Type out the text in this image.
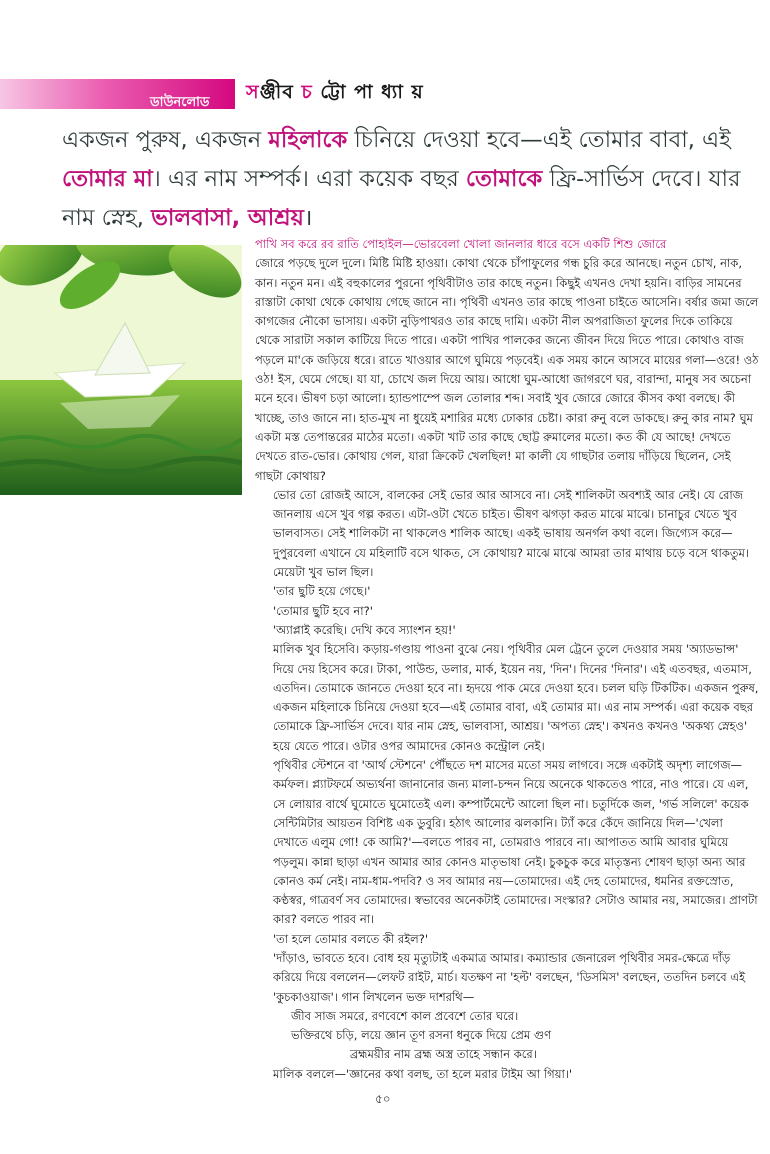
ডাউনলোড সঞ্জীব চ ট্টো পা ধ্যা য়
একজন পুরুষ, একজন মহিলাকে চিনিয়ে দেওয়া হবে—এই তোমার বাবা, এই তোমার মা। এর নাম সম্পর্ক। এরা কয়েক বছর তোমাকে ফ্রি-সার্ভিস দেবে। যার নাম স্নেহ, ভালবাসা, আশ্রয়।

পাখি সব করে রব রাতি পোহাইল—ভোরবেলা খোলা জানলার ধারে বসে একটি শিশু জোরে

জোরে পড়ছে দুলে দুলে। মিষ্টি মিষ্টি হাওয়া। কোথা থেকে চাঁপাফুলের গন্ধ চুরি করে আনছে। নতুন চোখ, নাক, কান। নতুন মন। এই বহুকালের পুরনো পৃথিবীটাও তার কাছে নতুন। কিছুই এখনও দেখা হয়নি। বাড়ির সামনের রাস্তাটা কোথা থেকে কোথায় গেছে জানে না। পৃথিবী এখনও তার কাছে পাওনা চাইতে আসেনি। বর্ষার জমা জলে কাগজের নৌকো ভাসায়। একটা নুড়িপাথরও তার কাছে দামি। একটা নীল অপরাজিতা ফুলের দিকে তাকিয়ে থেকে সারাটা সকাল কাটিয়ে দিতে পারে। একটা পাখির পালকের জন্যে জীবন দিয়ে দিতে পারে। কোথাও বাজ পড়লে মা'কে জড়িয়ে ধরে। রাতে খাওয়ার আগে ঘুমিয়ে পড়বেই। এক সময় কানে আসবে মায়ের গলা—ওরে! ওঠ ওঠ! ইস, ঘেমে গেছে। যা যা, চোখে জল দিয়ে আয়। আধো ঘুম-আধো জাগরণে ঘর, বারান্দা, মানুষ সব অচেনা মনে হবে। ভীষণ চড়া আলো। হ্যান্ডপাম্পে জল তোলার শব্দ। সবাই খুব জোরে জোরে কীসব কথা বলছে। কী খাচ্ছে, তাও জানে না। হাত-মুখ না ধুয়েই মশারির মধ্যে ঢোকার চেষ্টা। কারা রুনু বলে ডাকছে। রুনু কার নাম? ঘুম একটা মস্ত তেপান্তরের মাঠের মতো। একটা খাট তার কাছে ছোট্ট রুমালের মতো। কত কী যে আছে! দেখতে দেখতে রাত-ভোর। কোথায় গেল, যারা ক্রিকেট খেলছিল! মা কালী যে গাছটার তলায় দাঁড়িয়ে ছিলেন, সেই গাছটা কোথায়?

ভোর তো রোজই আসে, বালকের সেই ভোর আর আসবে না। সেই শালিকটা অবশ্যই আর নেই। যে রোজ জানলায় এসে খুব গল্প করত। এটা-ওটা খেতে চাইত। ভীষণ ঝগড়া করত মাঝে মাঝে। চানাচুর খেতে খুব ভালবাসত। সেই শালিকটা না থাকলেও শালিক আছে। একই ভাষায় অনর্গল কথা বলে। জিগ্যেস করে—দুপুরবেলা এখানে যে মহিলাটি বসে থাকত, সে কোথায়? মাঝে মাঝে আমরা তার মাথায় চড়ে বসে থাকতুম। মেয়েটা খুব ভাল ছিল।

'তার ছুটি হয়ে গেছে।'

'তোমার ছুটি হবে না?'

'অ্যাপ্লাই করেছি। দেখি কবে স্যাংশন হয়!'

মালিক খুব হিসেবি। কড়ায়-গণ্ডায় পাওনা বুঝে নেয়। পৃথিবীর মেল ট্রেনে তুলে দেওয়ার সময় 'অ্যাডভান্স' দিয়ে দেয় হিসেব করে। টাকা, পাউন্ড, ডলার, মার্ক, ইয়েন নয়, 'দিন'। দিনের 'দিনার'। এই এতবছর, এতমাস, এতদিন। তোমাকে জানতে দেওয়া হবে না। হৃদয়ে পাক মেরে দেওয়া হবে। চলল ঘড়ি টিকটিক। একজন পুরুষ, একজন মহিলাকে চিনিয়ে দেওয়া হবে—এই তোমার বাবা, এই তোমার মা। এর নাম সম্পর্ক। এরা কয়েক বছর তোমাকে ফ্রি-সার্ভিস দেবে। যার নাম স্নেহ, ভালবাসা, আশ্রয়। 'অপত্য স্নেহ'। কখনও কখনও 'অকথ্য স্নেহও' হয়ে যেতে পারে। ওটার ওপর আমাদের কোনও কন্ট্রোল নেই।

পৃথিবীর স্টেশনে বা 'আর্থ স্টেশনে' পৌঁছতে দশ মাসের মতো সময় লাগবে। সঙ্গে একটাই অদৃশ্য লাগেজ—কর্মফল। প্ল্যাটফর্মে অভ্যর্থনা জানানোর জন্য মালা-চন্দন নিয়ে অনেকে থাকতেও পারে, নাও পারে। যে এল, সে লোয়ার বার্থে ঘুমোতে ঘুমোতেই এল। কম্পার্টমেন্টে আলো ছিল না। চতুর্দিকে জল, 'গর্ভ সলিলে' কয়েক সেন্টিমিটার আয়তন বিশিষ্ট এক ডুবুরি। হঠাৎ আলোর ঝলকানি। ট্যাঁ করে কেঁদে জানিয়ে দিল—'খেলা দেখাতে এলুম গো! কে আমি?'—বলতে পারব না, তোমরাও পারবে না। আপাতত আমি আবার ঘুমিয়ে পড়লুম। কান্না ছাড়া এখন আমার আর কোনও মাতৃভাষা নেই। চুকচুক করে মাতৃস্তন্য শোষণ ছাড়া অন্য আর কোনও কর্ম নেই। নাম-ধাম-পদবি? ও সব আমার নয়—তোমাদের। এই দেহ তোমাদের, ধমনির রক্তস্রোত, কণ্ঠস্বর, গাত্রবর্ণ সব তোমাদের। স্বভাবের অনেকটাই তোমাদের। সংস্কার? সেটাও আমার নয়, সমাজের। প্রাণটা কার? বলতে পারব না।

'তা হলে তোমার বলতে কী রইল?'

'দাঁড়াও, ভাবতে হবে। বোধ হয় মৃত্যুটাই একমাত্র আমার। কম্যান্ডার জেনারেল পৃথিবীর সমর-ক্ষেত্রে দাঁড় করিয়ে দিয়ে বললেন—লেফট রাইট, মার্চ। যতক্ষণ না 'হল্ট' বলছেন, 'ডিসমিস' বলছেন, ততদিন চলবে এই 'কুচকাওয়াজ'। গান লিখলেন ভক্ত দাশরথি—

জীব সাজ সমরে, রণবেশে কাল প্রবেশে তোর ঘরে।

ভক্তিরথে চড়ি, লয়ে জ্ঞান তূণ রসনা ধনুকে দিয়ে প্রেম গুণ

ব্রহ্মময়ীর নাম ব্রহ্ম অস্ত্র তাহে সন্ধান করে।

মালিক বললে—'জ্ঞানের কথা বলছ, তা হলে মরার টাইম আ গিয়া।'

৫০
